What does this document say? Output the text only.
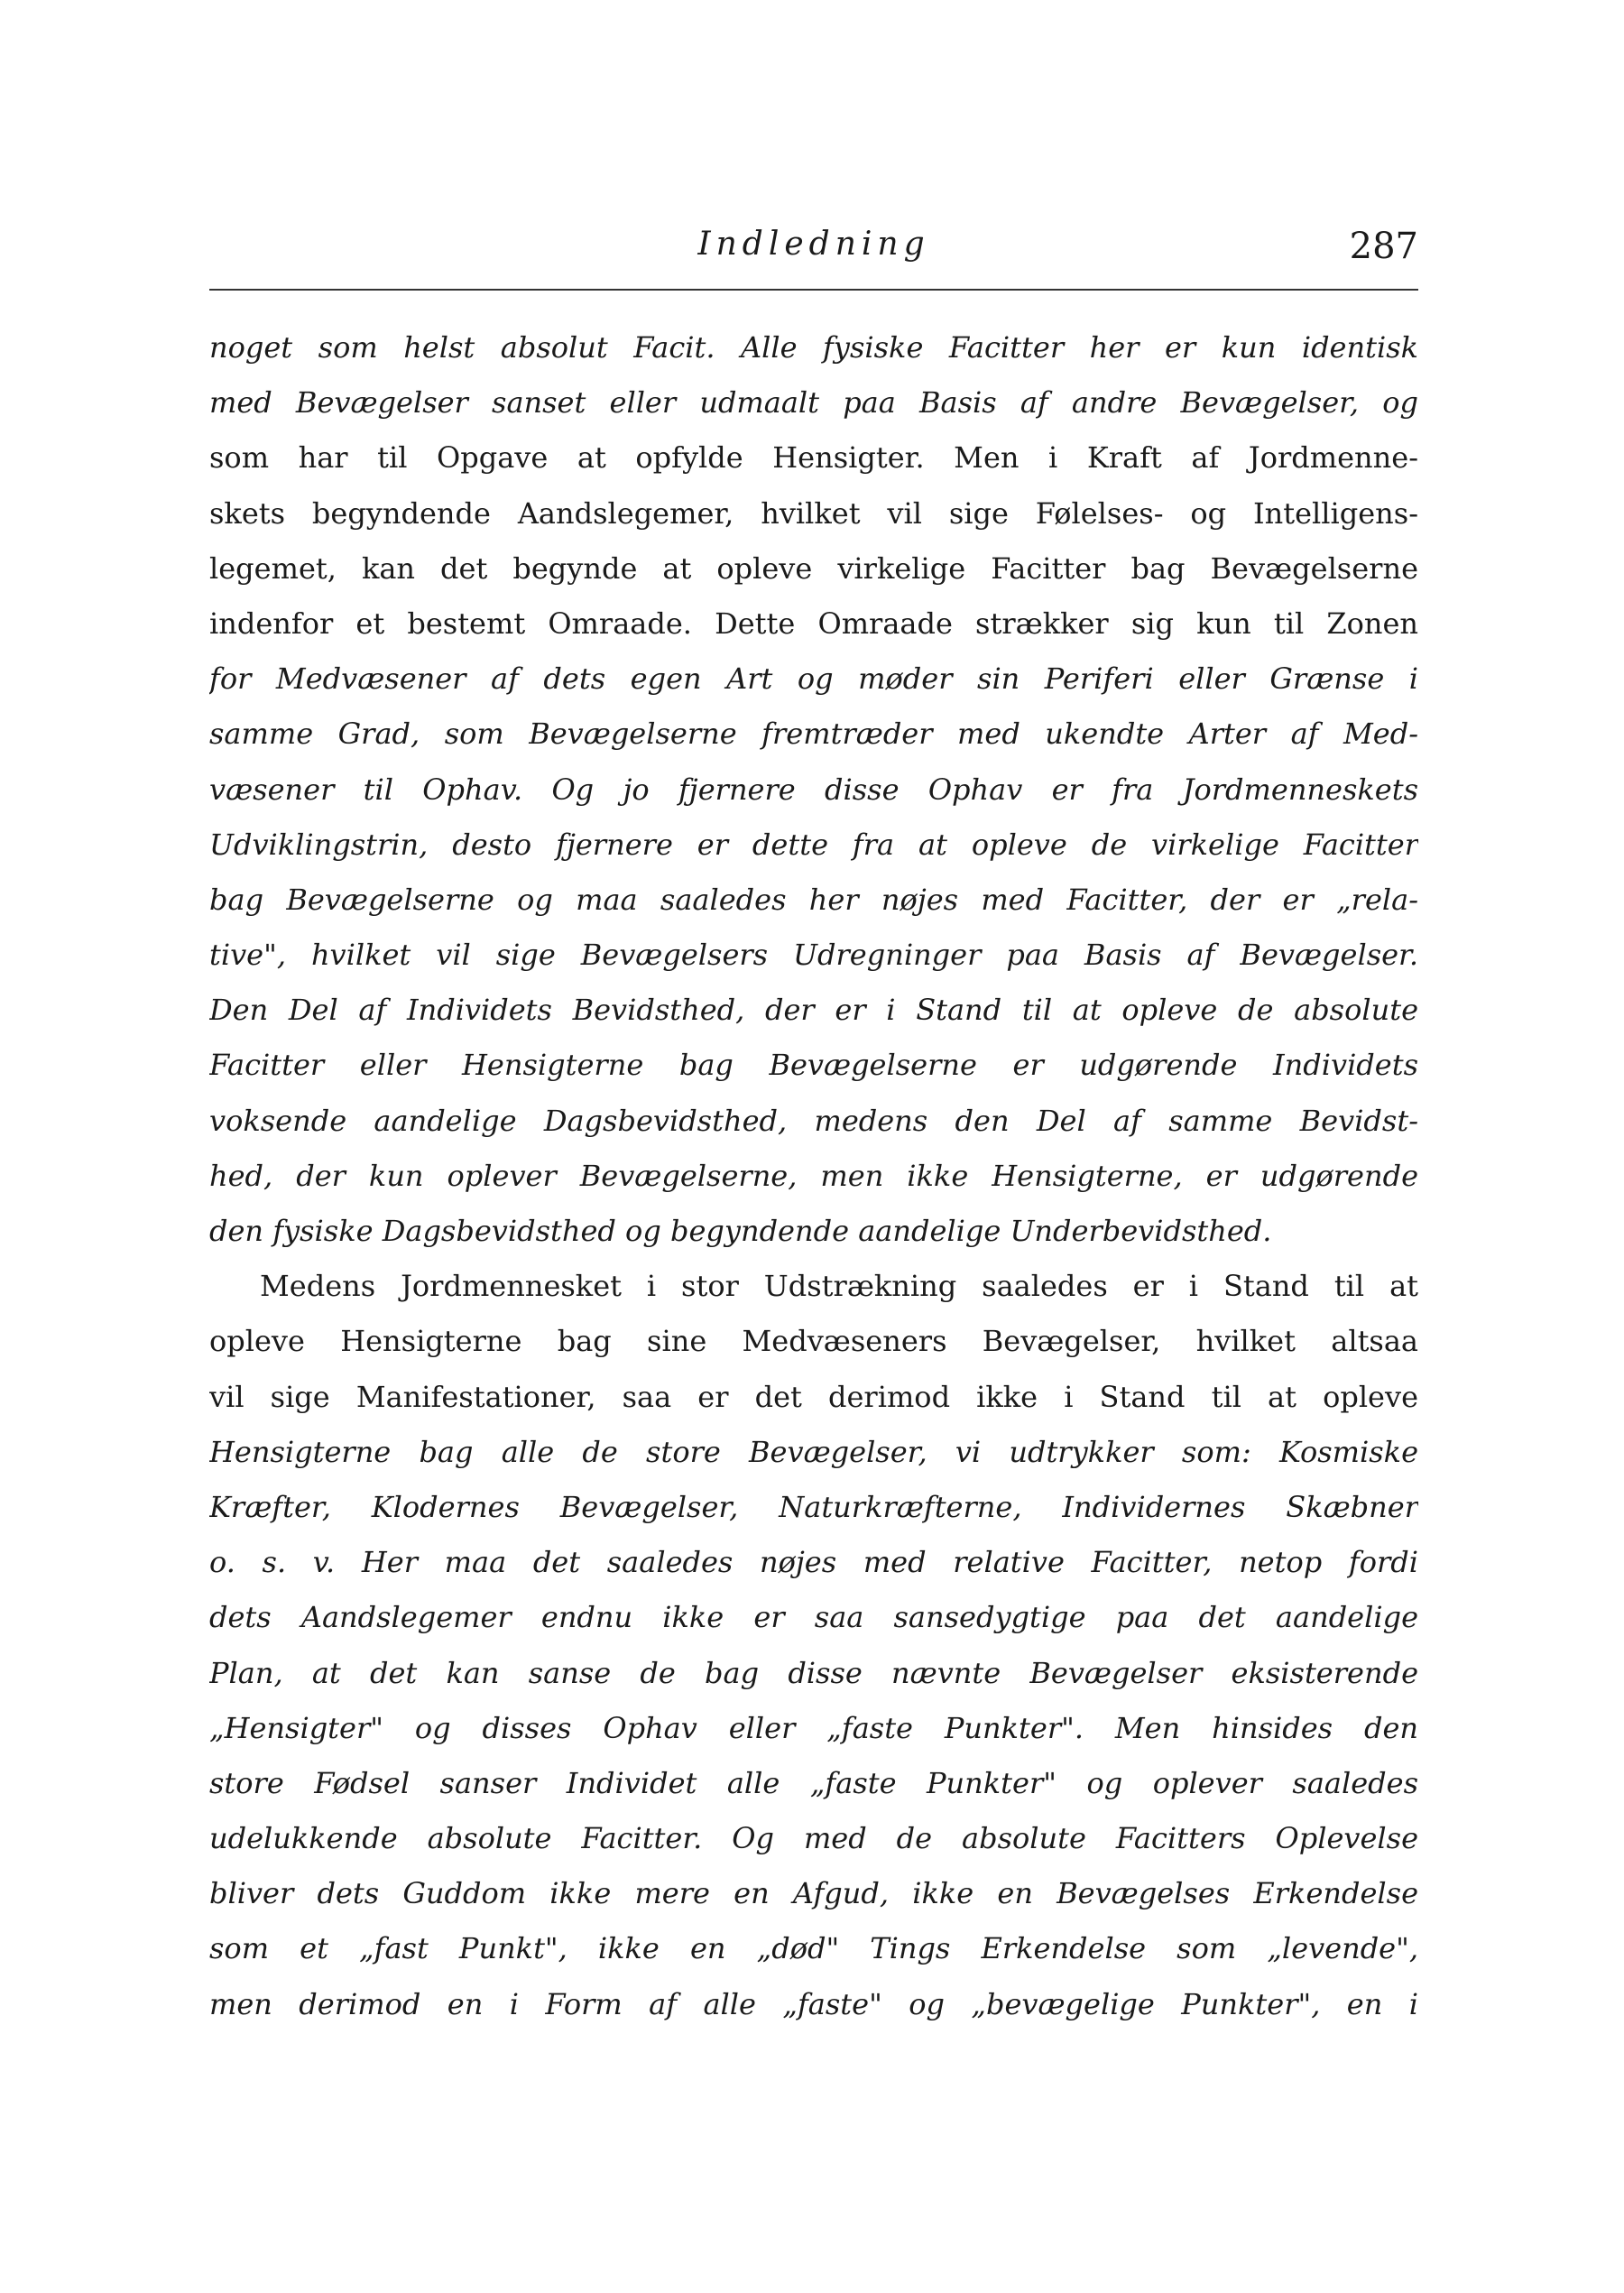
Indledning	287
noget som helst absolut Facit. Alle fysiske Facitter her er kun identisk
med Bevægelser sanset eller udmaalt paa Basis af andre Bevægelser, og
som har til Opgave at opfylde Hensigter. Men i Kraft af Jordmenne-
skets begyndende Aandslegemer, hvilket vil sige Følelses- og Intelligens-
legemet, kan det begynde at opleve virkelige Facitter bag Bevægelserne
indenfor et bestemt Omraade. Dette Omraade strækker sig kun til Zonen
for Medvæsener af dets egen Art og møder sin Periferi eller Grænse i
samme Grad, som Bevægelserne fremtræder med ukendte Arter af Med-
væsener til Ophav. Og jo fjernere disse Ophav er fra Jordmenneskets
Udviklingstrin, desto fjernere er dette fra at opleve de virkelige Facitter
bag Bevægelserne og maa saaledes her nøjes med Facitter, der er „rela-
tive", hvilket vil sige Bevægelsers Udregninger paa Basis af Bevægelser.
Den Del af Individets Bevidsthed, der er i Stand til at opleve de absolute
Facitter eller Hensigterne bag Bevægelserne er udgørende Individets
voksende aandelige Dagsbevidsthed, medens den Del af samme Bevidst-
hed, der kun oplever Bevægelserne, men ikke Hensigterne, er udgørende
den fysiske Dagsbevidsthed og begyndende aandelige Underbevidsthed.
Medens Jordmennesket i stor Udstrækning saaledes er i Stand til at
opleve Hensigterne bag sine Medvæseners Bevægelser, hvilket altsaa
vil sige Manifestationer, saa er det derimod ikke i Stand til at opleve
Hensigterne bag alle de store Bevægelser, vi udtrykker som: Kosmiske
Kræfter, Klodernes Bevægelser, Naturkræfterne, Individernes Skæbner
o. s. v. Her maa det saaledes nøjes med relative Facitter, netop fordi
dets Aandslegemer endnu ikke er saa sansedygtige paa det aandelige
Plan, at det kan sanse de bag disse nævnte Bevægelser eksisterende
„Hensigter" og disses Ophav eller „faste Punkter". Men hinsides den
store Fødsel sanser Individet alle „faste Punkter" og oplever saaledes
udelukkende absolute Facitter. Og med de absolute Facitters Oplevelse
bliver dets Guddom ikke mere en Afgud, ikke en Bevægelses Erkendelse
som et „fast Punkt", ikke en „død" Tings Erkendelse som „levende",
men derimod en i Form af alle „faste" og „bevægelige Punkter", en i
